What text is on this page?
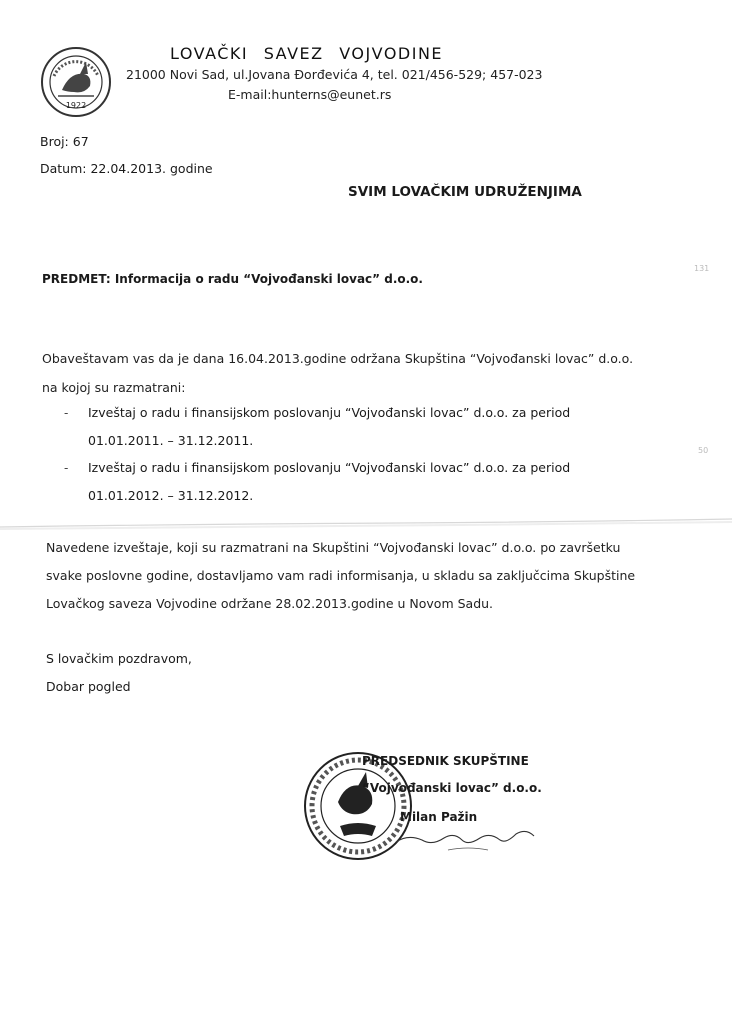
1922
LOVAČKI SAVEZ VOJVODINE
21000 Novi Sad, ul.Jovana Đorđevića 4, tel. 021/456-529; 457-023
E-mail:hunterns@eunet.rs
Broj: 67
Datum: 22.04.2013. godine
SVIM LOVAČKIM UDRUŽENJIMA
PREDMET: Informacija o radu “Vojvođanski lovac” d.o.o.
Obaveštavam vas da je dana 16.04.2013.godine održana Skupština “Vojvođanski lovac” d.o.o.
na kojoj su razmatrani:
- Izveštaj o radu i finansijskom poslovanju “Vojvođanski lovac” d.o.o. za period
01.01.2011. – 31.12.2011.
- Izveštaj o radu i finansijskom poslovanju “Vojvođanski lovac” d.o.o. za period
01.01.2012. – 31.12.2012.
Navedene izveštaje, koji su razmatrani na Skupštini “Vojvođanski lovac” d.o.o. po završetku
svake poslovne godine, dostavljamo vam radi informisanja, u skladu sa zaključcima Skupštine
Lovačkog saveza Vojvodine održane 28.02.2013.godine u Novom Sadu.
S lovačkim pozdravom,
Dobar pogled
PREDSEDNIK SKUPŠTINE
“Vojvođanski lovac” d.o.o.
Milan Pažin
131
50
